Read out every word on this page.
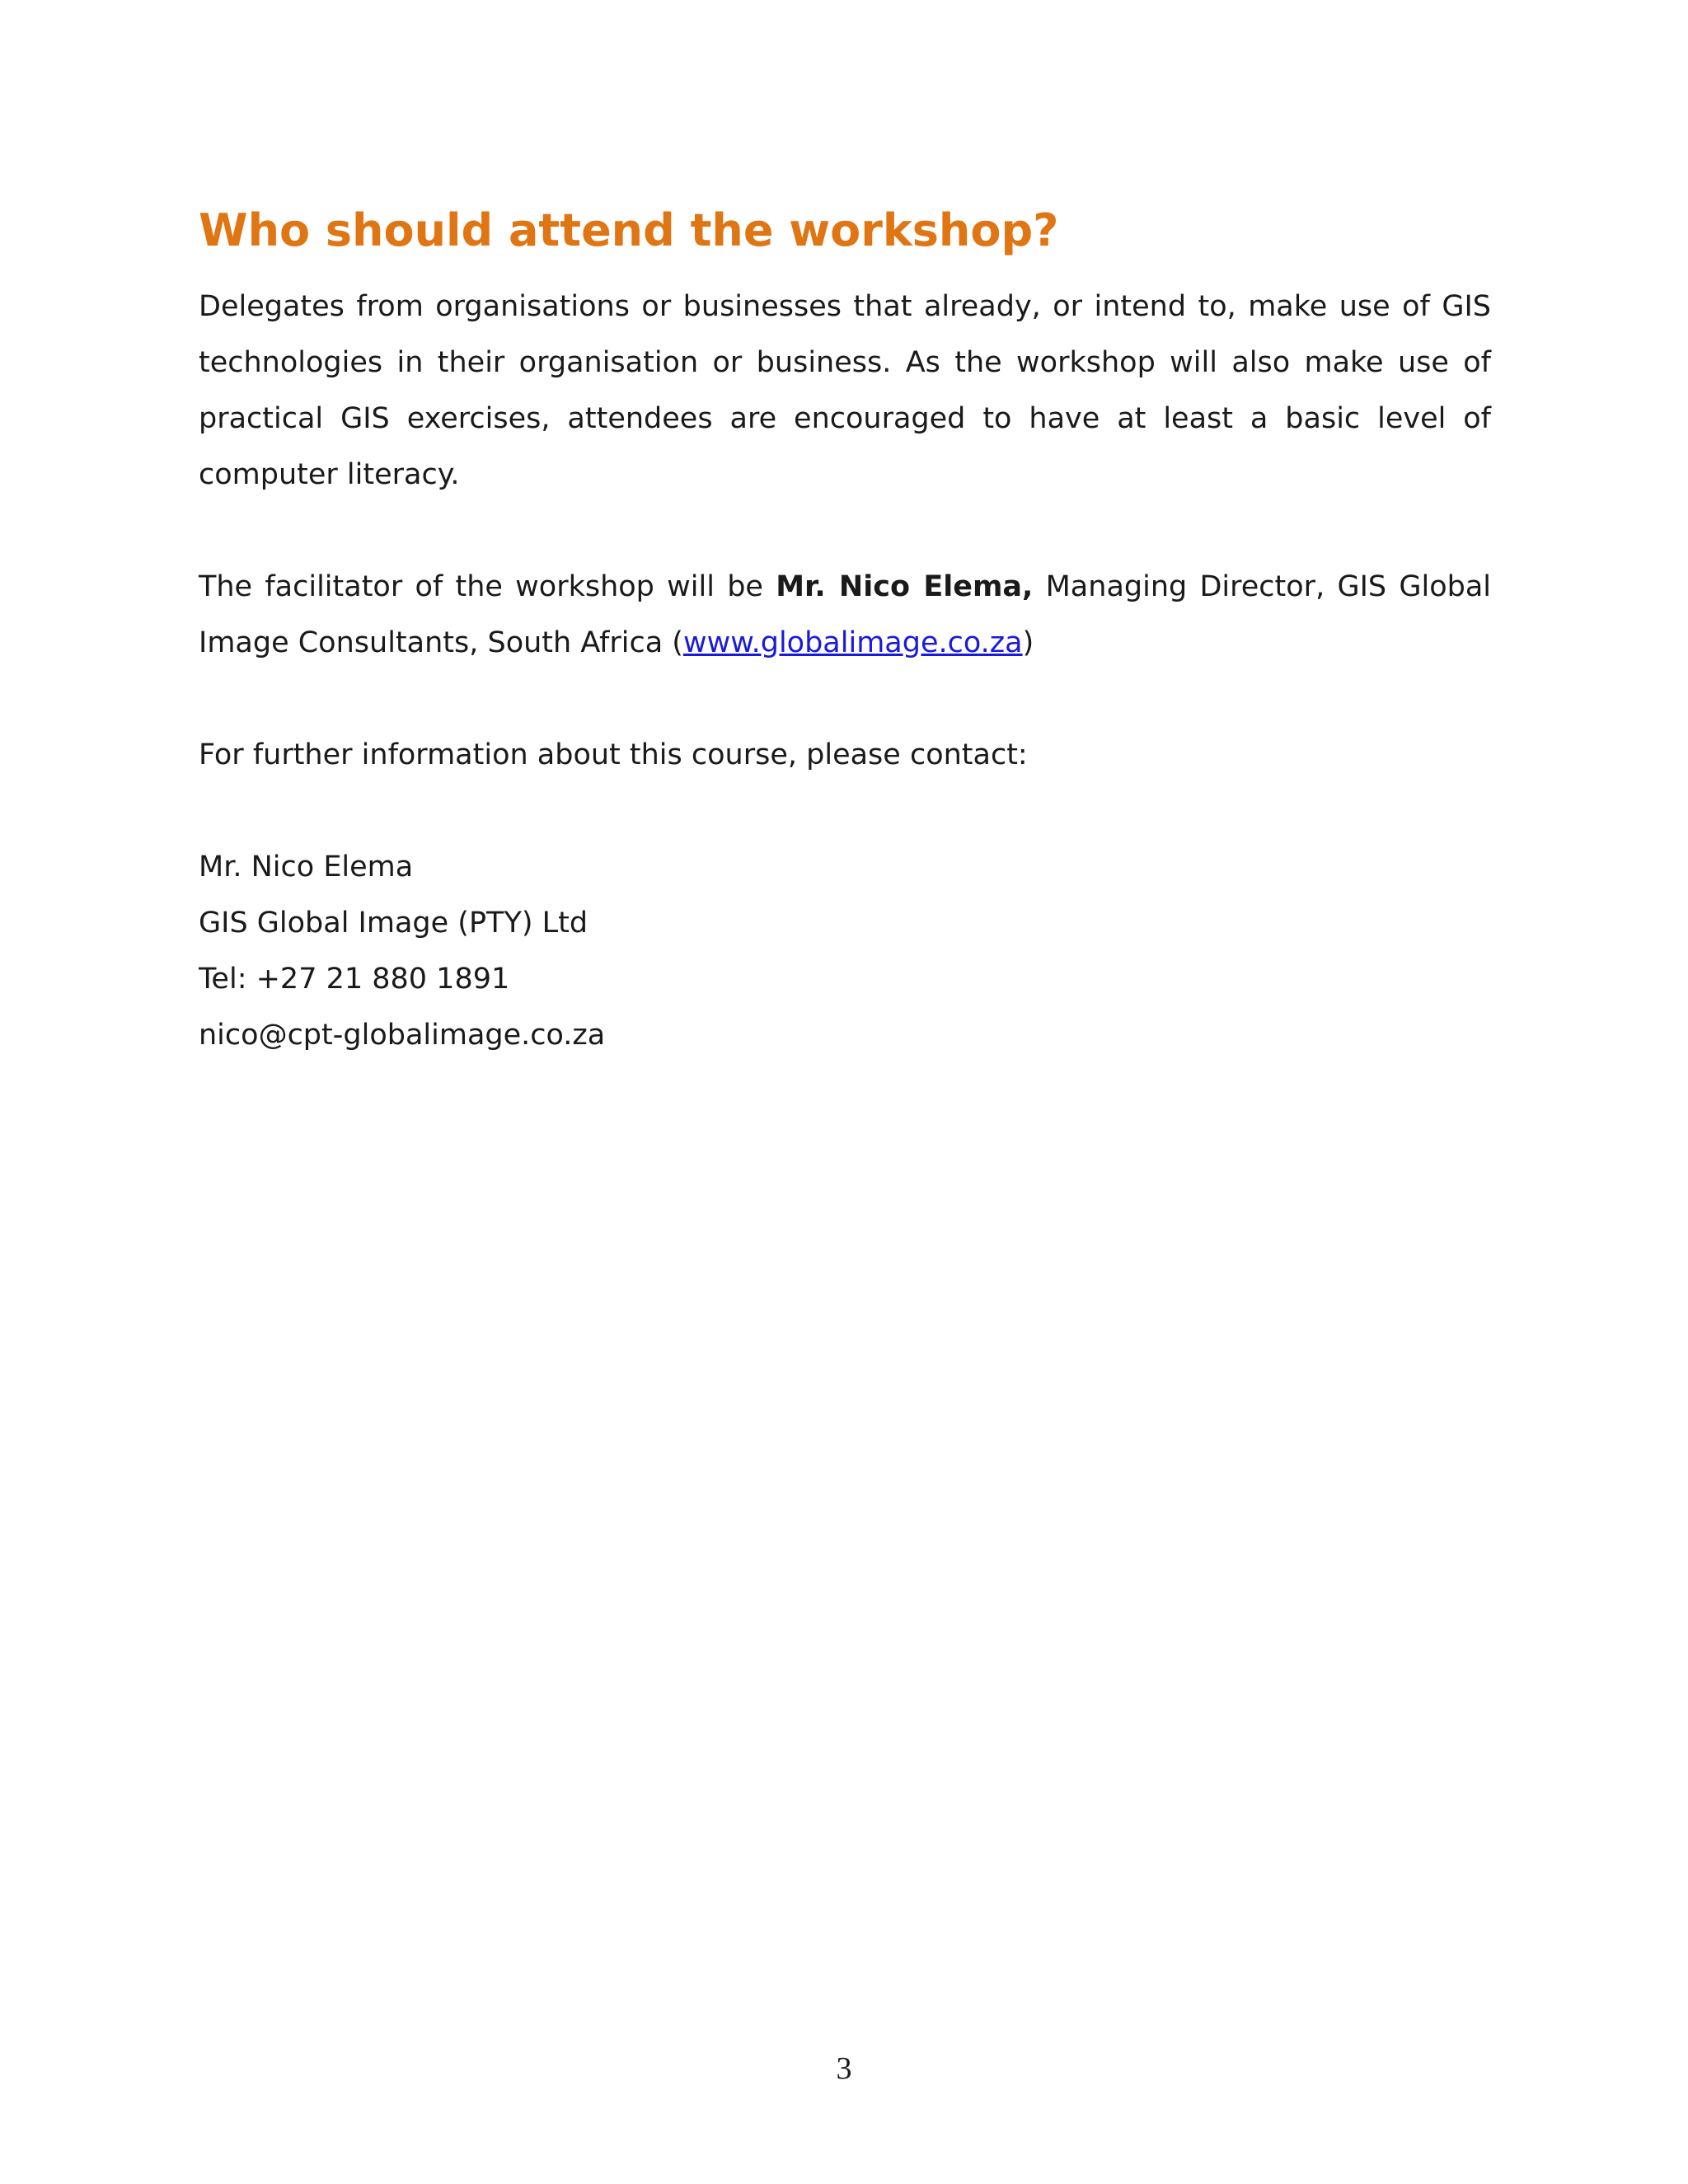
Who should attend the workshop?

Delegates from organisations or businesses that already, or intend to, make use of GIS technologies in their organisation or business. As the workshop will also make use of practical GIS exercises, attendees are encouraged to have at least a basic level of computer literacy.

The facilitator of the workshop will be Mr. Nico Elema, Managing Director, GIS Global Image Consultants, South Africa (www.globalimage.co.za)

For further information about this course, please contact:

Mr. Nico Elema

GIS Global Image (PTY) Ltd

Tel: +27 21 880 1891

nico@cpt-globalimage.co.za

3
